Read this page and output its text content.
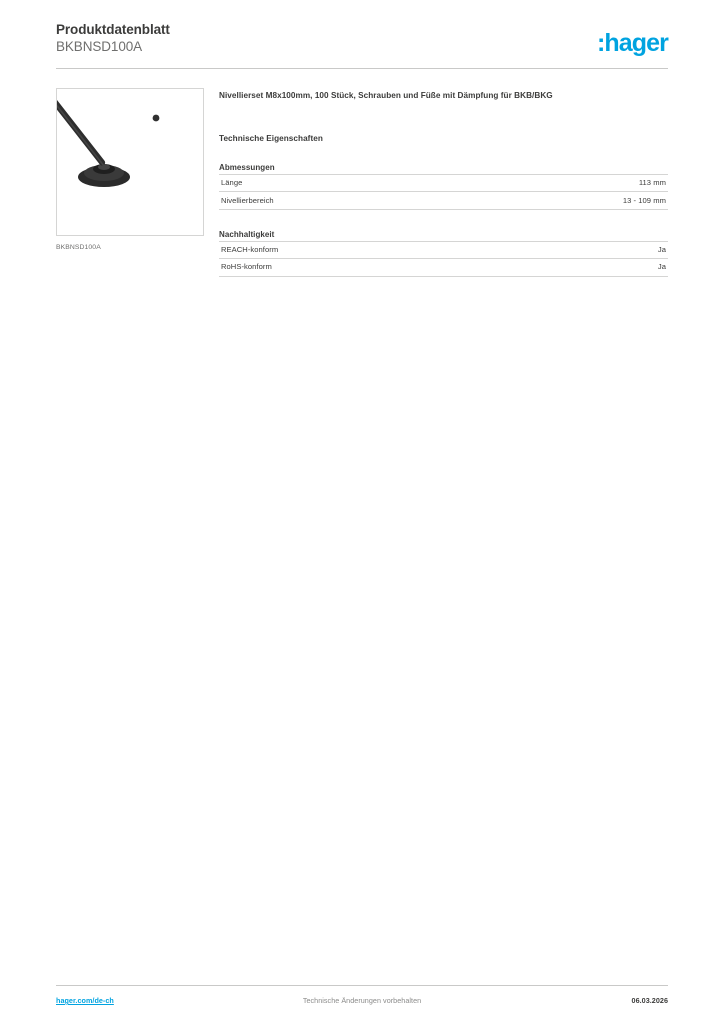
Produktdatenblatt
BKBNSD100A	:hager
BKBNSD100A
Nivellierset M8x100mm, 100 Stück, Schrauben und Füße mit Dämpfung für BKB/BKG
Technische Eigenschaften
Abmessungen
Länge	113 mm
Nivellierbereich	13 - 109 mm
Nachhaltigkeit
REACH-konform	Ja
RoHS-konform	Ja
Technische Änderungen vorbehalten
hager.com/de-ch	06.03.2026
